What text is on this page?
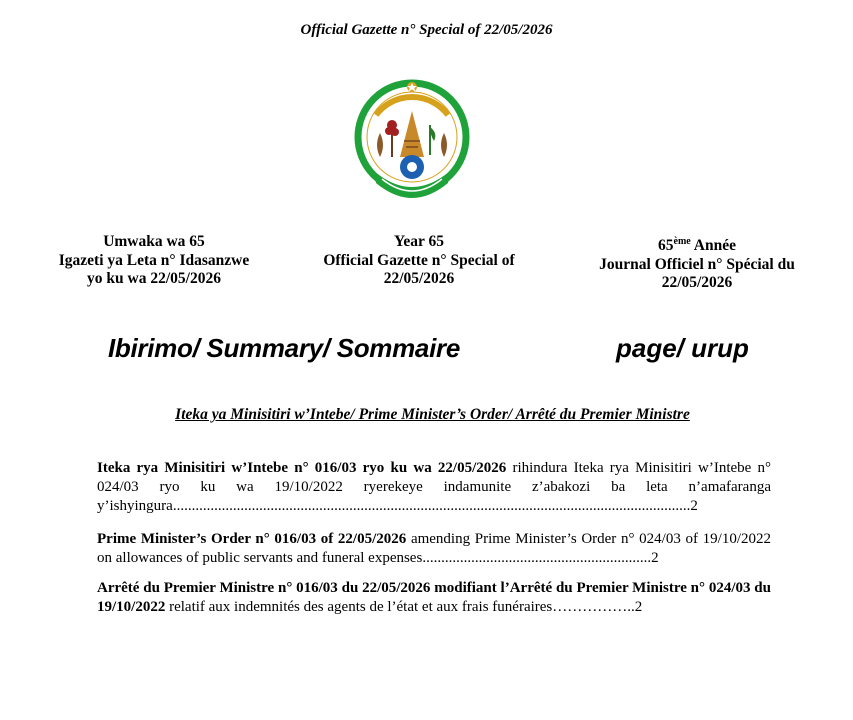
Official Gazette n° Special of 22/05/2026
Umwaka wa 65
Igazeti ya Leta n° Idasanzwe
yo ku wa 22/05/2026
Year 65
Official Gazette n° Special of
22/05/2026
65ème Année
Journal Officiel n° Spécial du
22/05/2026
Ibirimo/ Summary/ Sommaire	page/ urup
Iteka ya Minisitiri w’Intebe/ Prime Minister’s Order/ Arrêté du Premier Ministre
Iteka rya Minisitiri w’Intebe n° 016/03 ryo ku wa 22/05/2026 rihindura Iteka rya Minisitiri w’Intebe n° 024/03 ryo ku wa 19/10/2022 ryerekeye indamunite z’abakozi ba leta n’amafaranga y’ishyingura..........................................................................................................................................2
Prime Minister’s Order n° 016/03 of 22/05/2026 amending Prime Minister’s Order n° 024/03 of 19/10/2022 on allowances of public servants and funeral expenses.............................................................2
Arrêté du Premier Ministre n° 016/03 du 22/05/2026 modifiant l’Arrêté du Premier Ministre n° 024/03 du 19/10/2022 relatif aux indemnités des agents de l’état et aux frais funéraires……………..2
